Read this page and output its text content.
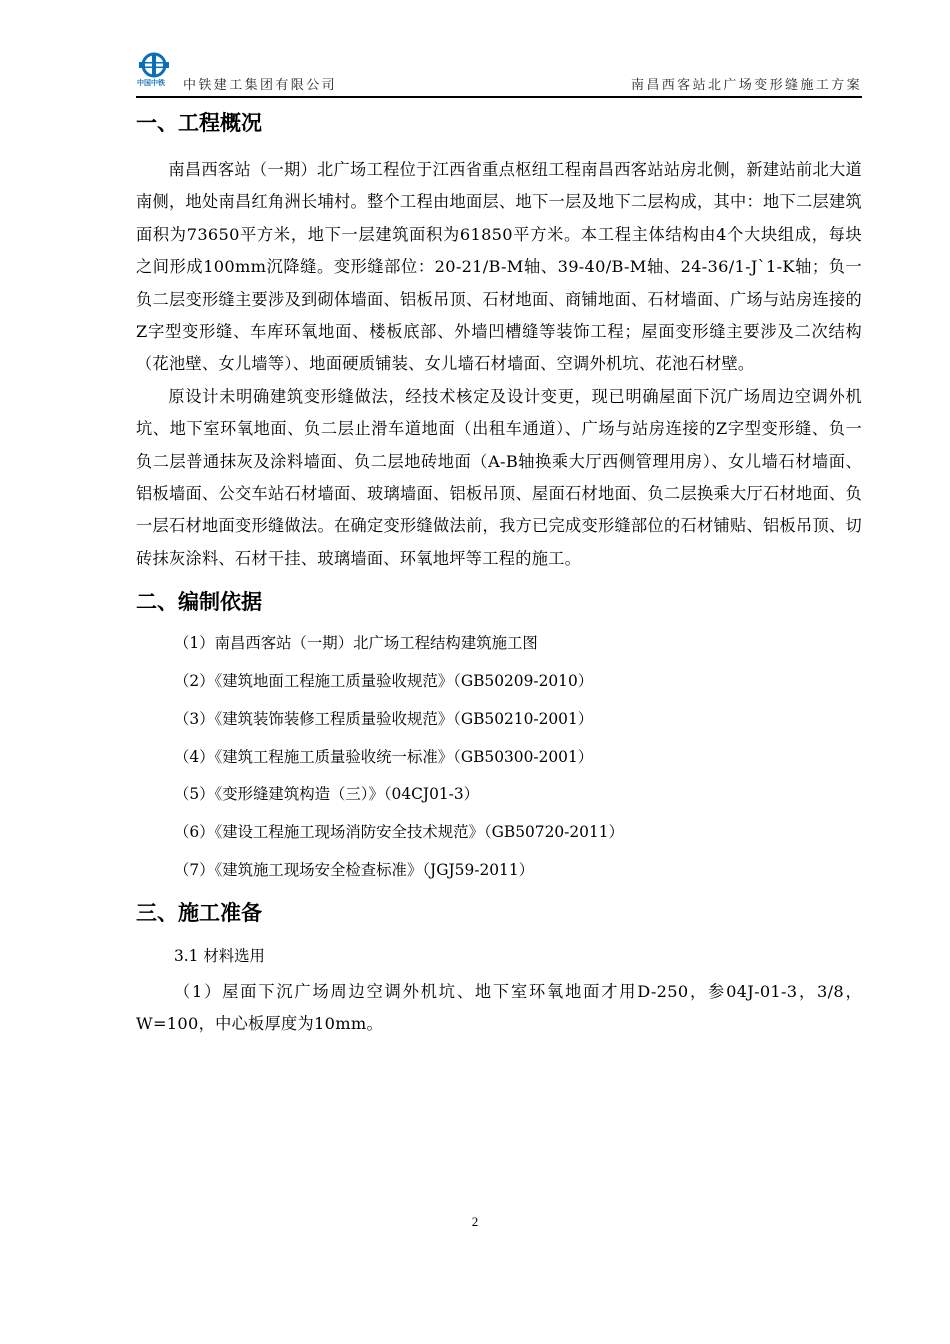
中国中铁 中铁建工集团有限公司	南昌西客站北广场变形缝施工方案
一、工程概况

南昌西客站（一期）北广场工程位于江西省重点枢纽工程南昌西客站站房北侧，新建站前北大道南侧，地处南昌红角洲长埔村。整个工程由地面层、地下一层及地下二层构成，其中：地下二层建筑面积为73650平方米，地下一层建筑面积为61850平方米。本工程主体结构由4个大块组成，每块之间形成100mm沉降缝。变形缝部位：20-21/B-M轴、39-40/B-M轴、24-36/1-J`1-K轴；负一负二层变形缝主要涉及到砌体墙面、铝板吊顶、石材地面、商铺地面、石材墙面、广场与站房连接的Z字型变形缝、车库环氧地面、楼板底部、外墙凹槽缝等装饰工程；屋面变形缝主要涉及二次结构（花池壁、女儿墙等）、地面硬质铺装、女儿墙石材墙面、空调外机坑、花池石材壁。

原设计未明确建筑变形缝做法，经技术核定及设计变更，现已明确屋面下沉广场周边空调外机坑、地下室环氧地面、负二层止滑车道地面（出租车通道）、广场与站房连接的Z字型变形缝、负一负二层普通抹灰及涂料墙面、负二层地砖地面（A-B轴换乘大厅西侧管理用房）、女儿墙石材墙面、铝板墙面、公交车站石材墙面、玻璃墙面、铝板吊顶、屋面石材地面、负二层换乘大厅石材地面、负一层石材地面变形缝做法。在确定变形缝做法前，我方已完成变形缝部位的石材铺贴、铝板吊顶、切砖抹灰涂料、石材干挂、玻璃墙面、环氧地坪等工程的施工。

二、编制依据
（1）南昌西客站（一期）北广场工程结构建筑施工图
（2）《建筑地面工程施工质量验收规范》（GB50209-2010）
（3）《建筑装饰装修工程质量验收规范》（GB50210-2001）
（4）《建筑工程施工质量验收统一标准》（GB50300-2001）
（5）《变形缝建筑构造（三）》（04CJ01-3）
（6）《建设工程施工现场消防安全技术规范》（GB50720-2011）
（7）《建筑施工现场安全检查标准》（JGJ59-2011）
三、施工准备
3.1 材料选用

（1）屋面下沉广场周边空调外机坑、地下室环氧地面才用D-250，参04J-01-3，3/8，W=100，中心板厚度为10mm。

2
